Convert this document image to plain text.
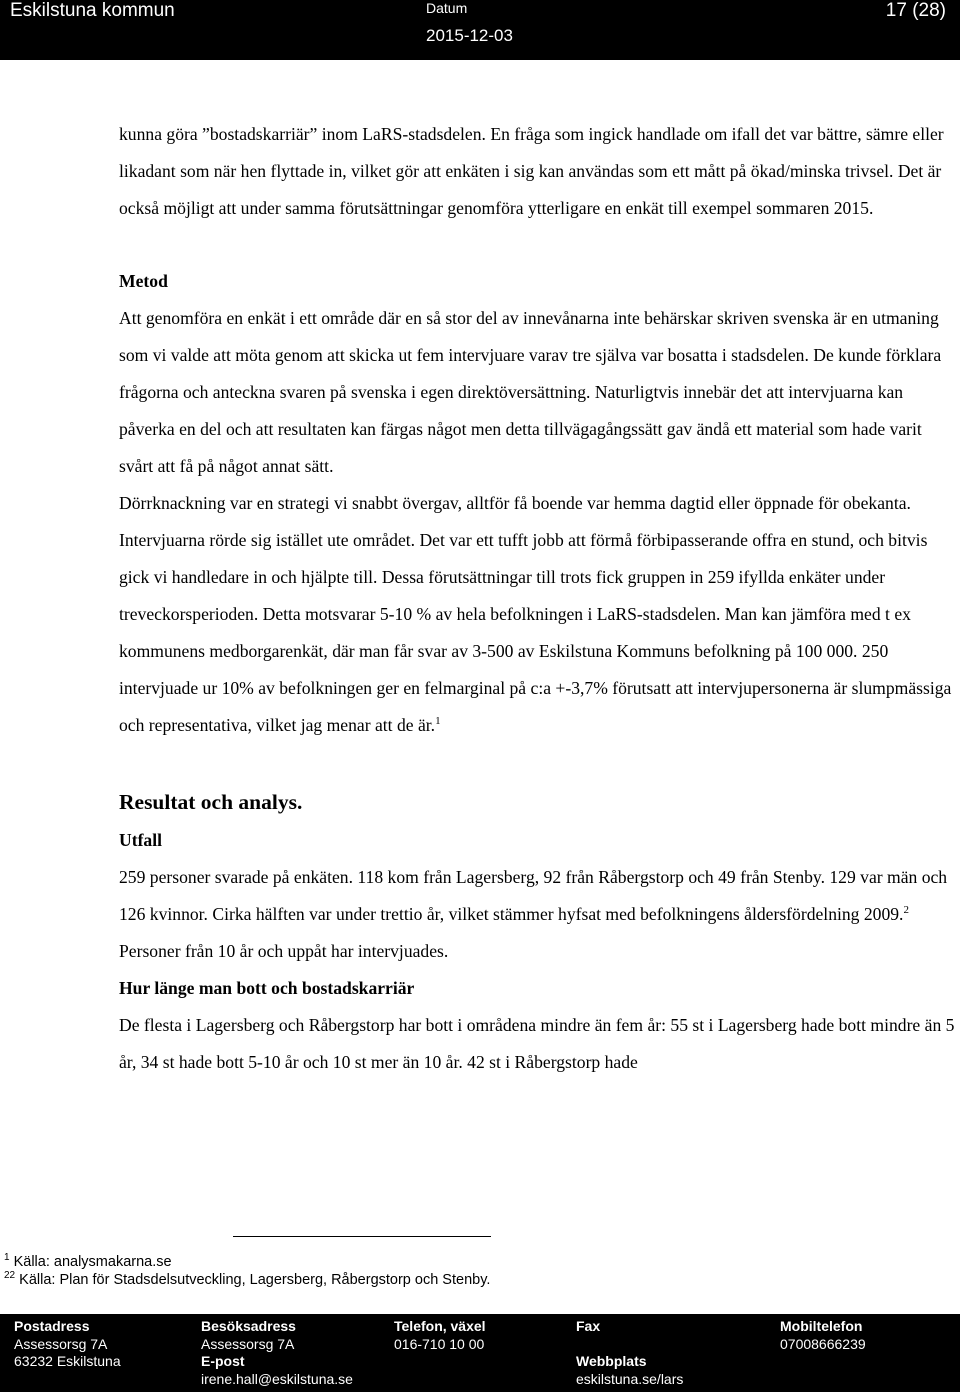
Eskilstuna kommun	Datum
2015-12-03
17 (28)

kunna göra ”bostadskarriär” inom LaRS-stadsdelen. En fråga som ingick handlade om ifall det var bättre, sämre eller likadant som när hen flyttade in, vilket gör att enkäten i sig kan användas som ett mått på ökad/minska trivsel. Det är också möjligt att under samma förutsättningar genomföra ytterligare en enkät till exempel sommaren 2015.

Metod

Att genomföra en enkät i ett område där en så stor del av innevånarna inte behärskar skriven svenska är en utmaning som vi valde att möta genom att skicka ut fem intervjuare varav tre själva var bosatta i stadsdelen. De kunde förklara frågorna och anteckna svaren på svenska i egen direktöversättning. Naturligtvis innebär det att intervjuarna kan påverka en del och att resultaten kan färgas något men detta tillvägagångssätt gav ändå ett material som hade varit svårt att få på något annat sätt.

Dörrknackning var en strategi vi snabbt övergav, alltför få boende var hemma dagtid eller öppnade för obekanta. Intervjuarna rörde sig istället ute området. Det var ett tufft jobb att förmå förbipasserande offra en stund, och bitvis gick vi handledare in och hjälpte till. Dessa förutsättningar till trots fick gruppen in 259 ifyllda enkäter under treveckorsperioden. Detta motsvarar 5-10 % av hela befolkningen i LaRS-stadsdelen. Man kan jämföra med t ex kommunens medborgarenkät, där man får svar av 3-500 av Eskilstuna Kommuns befolkning på 100 000. 250 intervjuade ur 10% av befolkningen ger en felmarginal på c:a +-3,7% förutsatt att intervjupersonerna är slumpmässiga och representativa, vilket jag menar att de är.$^1$

Resultat och analys.
Utfall

259 personer svarade på enkäten. 118 kom från Lagersberg, 92 från Råbergstorp och 49 från Stenby. 129 var män och 126 kvinnor. Cirka hälften var under trettio år, vilket stämmer hyfsat med befolkningens åldersfördelning 2009.$^2$ Personer från 10 år och uppåt har intervjuades.

Hur länge man bott och bostadskarriär

De flesta i Lagersberg och Råbergstorp har bott i områdena mindre än fem år: 55 st i Lagersberg hade bott mindre än 5 år, 34 st hade bott 5-10 år och 10 st mer än 10 år. 42 st i Råbergstorp hade

$^1$ Källa: analysmakarna.se
$^{22}$ Källa: Plan för Stadsdelsutveckling, Lagersberg, Råbergstorp och Stenby.
Postadress
Assessorsg 7A
63232 Eskilstuna
Besöksadress
Assessorsg 7A
E-post
irene.hall@eskilstuna.se
Telefon, växel
016-710 10 00
Fax

Webbplats
eskilstuna.se/lars
Mobiltelefon
07008666239
